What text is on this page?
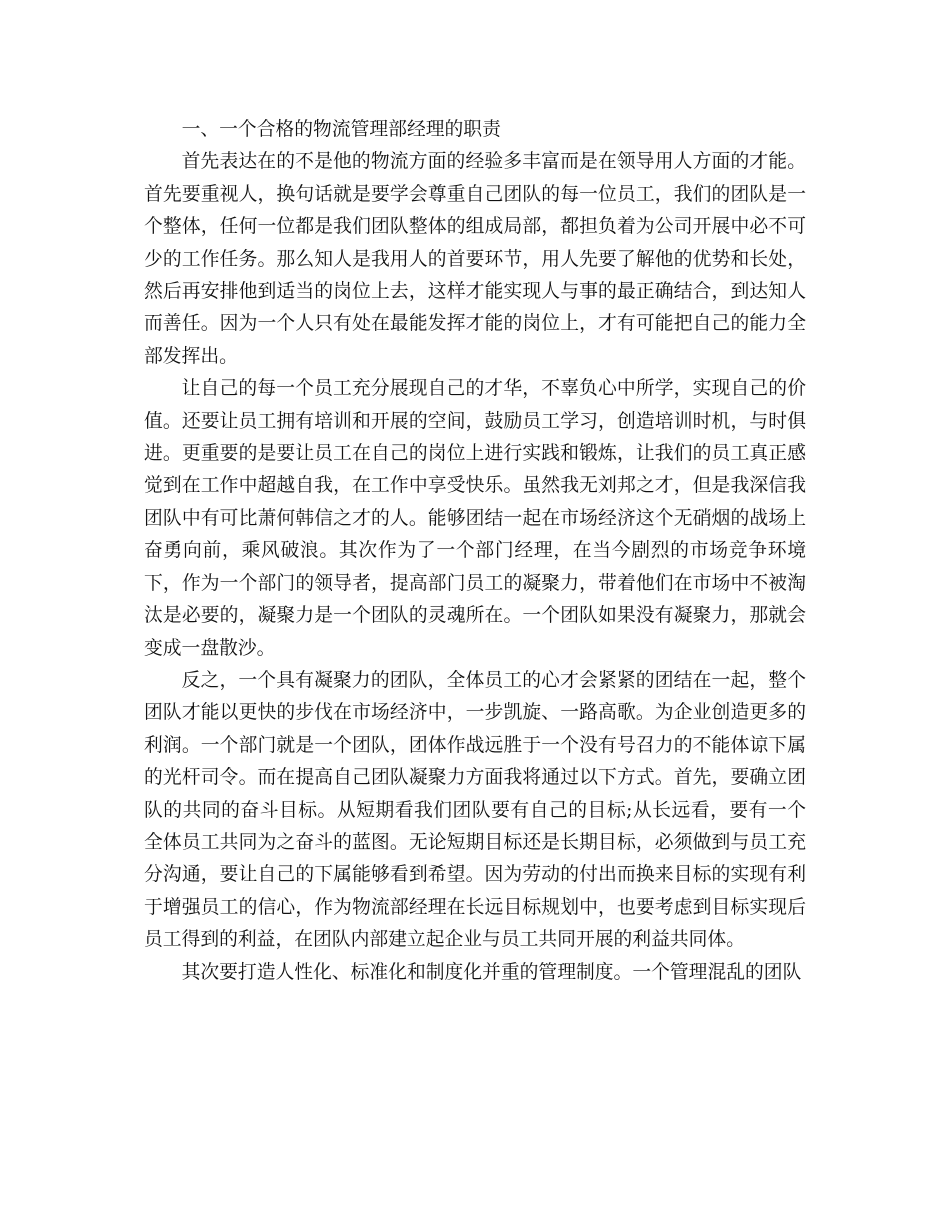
一、一个合格的物流管理部经理的职责

首先表达在的不是他的物流方面的经验多丰富而是在领导用人方面的才能。首先要重视人，换句话就是要学会尊重自己团队的每一位员工，我们的团队是一个整体，任何一位都是我们团队整体的组成局部，都担负着为公司开展中必不可少的工作任务。那么知人是我用人的首要环节，用人先要了解他的优势和长处，然后再安排他到适当的岗位上去，这样才能实现人与事的最正确结合，到达知人而善任。因为一个人只有处在最能发挥才能的岗位上，才有可能把自己的能力全部发挥出。

让自己的每一个员工充分展现自己的才华，不辜负心中所学，实现自己的价值。还要让员工拥有培训和开展的空间，鼓励员工学习，创造培训时机，与时俱进。更重要的是要让员工在自己的岗位上进行实践和锻炼，让我们的员工真正感觉到在工作中超越自我，在工作中享受快乐。虽然我无刘邦之才，但是我深信我团队中有可比萧何韩信之才的人。能够团结一起在市场经济这个无硝烟的战场上奋勇向前，乘风破浪。其次作为了一个部门经理，在当今剧烈的市场竞争环境下，作为一个部门的领导者，提高部门员工的凝聚力，带着他们在市场中不被淘汰是必要的，凝聚力是一个团队的灵魂所在。一个团队如果没有凝聚力，那就会变成一盘散沙。

反之，一个具有凝聚力的团队，全体员工的心才会紧紧的团结在一起，整个团队才能以更快的步伐在市场经济中，一步凯旋、一路高歌。为企业创造更多的利润。一个部门就是一个团队，团体作战远胜于一个没有号召力的不能体谅下属的光杆司令。而在提高自己团队凝聚力方面我将通过以下方式。首先，要确立团队的共同的奋斗目标。从短期看我们团队要有自己的目标;从长远看，要有一个全体员工共同为之奋斗的蓝图。无论短期目标还是长期目标，必须做到与员工充分沟通，要让自己的下属能够看到希望。因为劳动的付出而换来目标的实现有利于增强员工的信心，作为物流部经理在长远目标规划中，也要考虑到目标实现后员工得到的利益，在团队内部建立起企业与员工共同开展的利益共同体。

其次要打造人性化、标准化和制度化并重的管理制度。一个管理混乱的团队
